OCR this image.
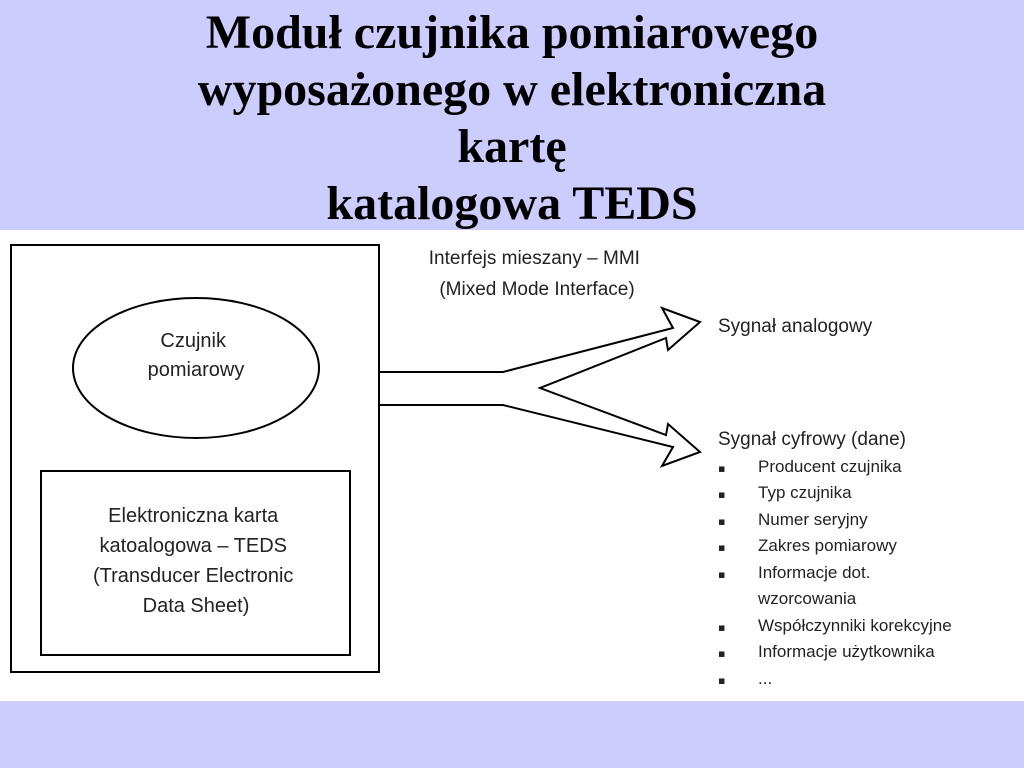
Moduł czujnika pomiarowego
wyposażonego w elektroniczna
kartę
katalogowa TEDS
Czujnik pomiarowy
Elektroniczna karta katoalogowa – TEDS (Transducer Electronic Data Sheet)
Interfejs mieszany – MMI (Mixed Mode Interface)
Sygnał analogowy
Sygnał cyfrowy (dane)
▪ Producent czujnika
▪ Typ czujnika
▪ Numer seryjny
▪ Zakres pomiarowy
▪ Informacje dot. wzorcowania
▪ Współczynniki korekcyjne
▪ Informacje użytkownika
▪ ...
